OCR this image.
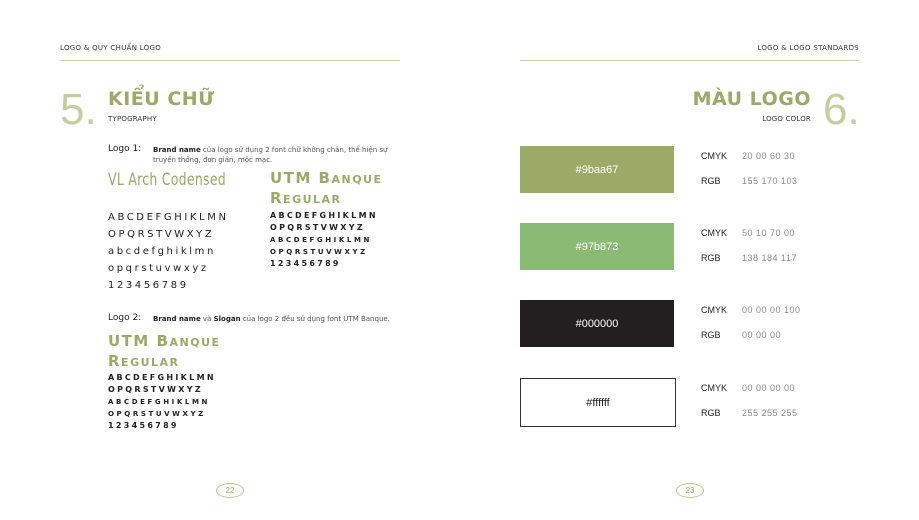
LOGO & QUY CHUẨN LOGO
5. KIỂU CHỮ
TYPOGRAPHY
Logo 1: Brand name của logo sử dụng 2 font chữ không chân, thể hiện sự truyền thống, đơn giản, mộc mạc.
VL Arch Codensed
ABCDEFGHIKLMN
OPQRSTVWXYZ
abcdefghiklmn
opqrstuvwxyz
123456789
UTM Banque
Regular
ABCDEFGHIKLMN
OPQRSTVWXYZ
ABCDEFGHIKLMN
OPQRSTUVWXYZ
123456789
Logo 2: Brand name và Slogan của logo 2 đều sử dụng font UTM Banque.
UTM Banque
Regular
ABCDEFGHIKLMN
OPQRSTVWXYZ
ABCDEFGHIKLMN
OPQRSTUVWXYZ
123456789
22
LOGO & LOGO STANDARDS
MÀU LOGO
LOGO COLOR 6.
#9baa67
CMYK 20 00 60 30
RGB 155 170 103
#97b873
CMYK 50 10 70 00
RGB 138 184 117
#000000
CMYK 00 00 00 100
RGB 00 00 00
#ffffff
CMYK 00 00 00 00
RGB 255 255 255
23
